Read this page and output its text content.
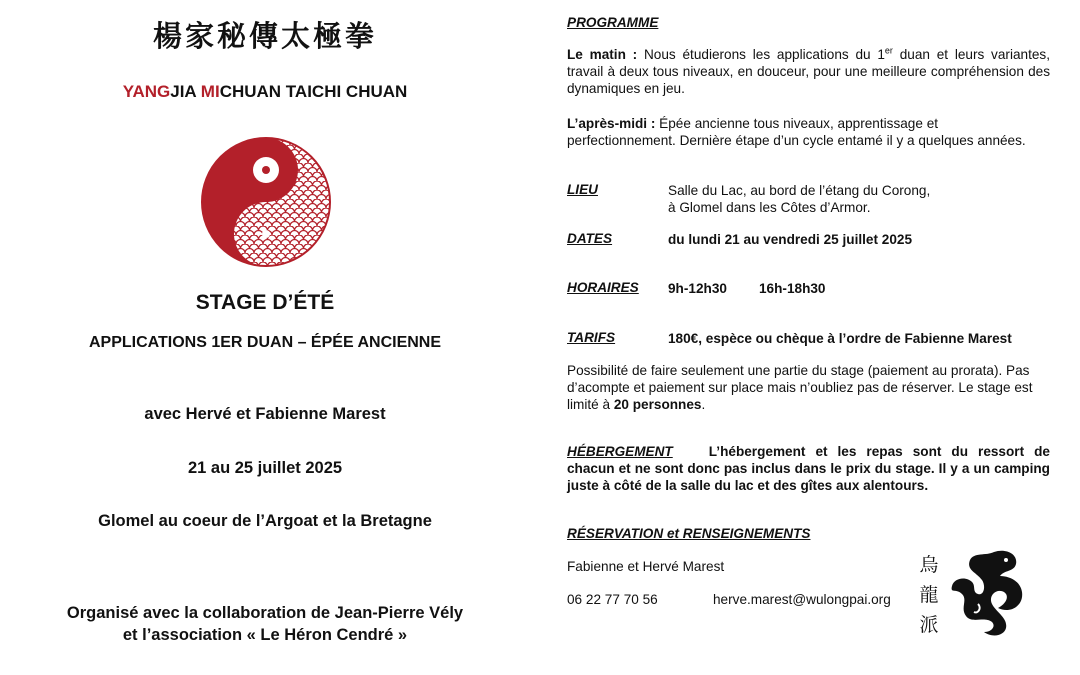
楊家秘傳太極拳
YANGJIA MICHUAN TAICHI CHUAN
STAGE D’ÉTÉ
APPLICATIONS 1ER DUAN – ÉPÉE ANCIENNE
avec Hervé et Fabienne Marest
21 au 25 juillet 2025
Glomel au coeur de l’Argoat et la Bretagne
Organisé avec la collaboration de Jean-Pierre Vély
et l’association « Le Héron Cendré »
PROGRAMME
Le matin : Nous étudierons les applications du 1er duan et leurs variantes, travail à deux tous niveaux, en douceur, pour une meilleure compréhension des dynamiques en jeu.
L’après-midi : Épée ancienne tous niveaux, apprentissage et perfectionnement. Dernière étape d’un cycle entamé il y a quelques années.
LIEU	Salle du Lac, au bord de l’étang du Corong,
à Glomel dans les Côtes d’Armor.
DATES	du lundi 21 au vendredi 25 juillet 2025
HORAIRES 9h-12h30 16h-18h30
TARIFS	180€, espèce ou chèque à l’ordre de Fabienne Marest
Possibilité de faire seulement une partie du stage (paiement au prorata). Pas d’acompte et paiement sur place mais n’oubliez pas de réserver. Le stage est limité à 20 personnes.
HÉBERGEMENT	L’hébergement et les repas sont du ressort de chacun et ne sont donc pas inclus dans le prix du stage. Il y a un camping juste à côté de la salle du lac et des gîtes aux alentours.
RÉSERVATION et RENSEIGNEMENTS
Fabienne et Hervé Marest
06 22 77 70 56	herve.marest@wulongpai.org
烏
龍
派
